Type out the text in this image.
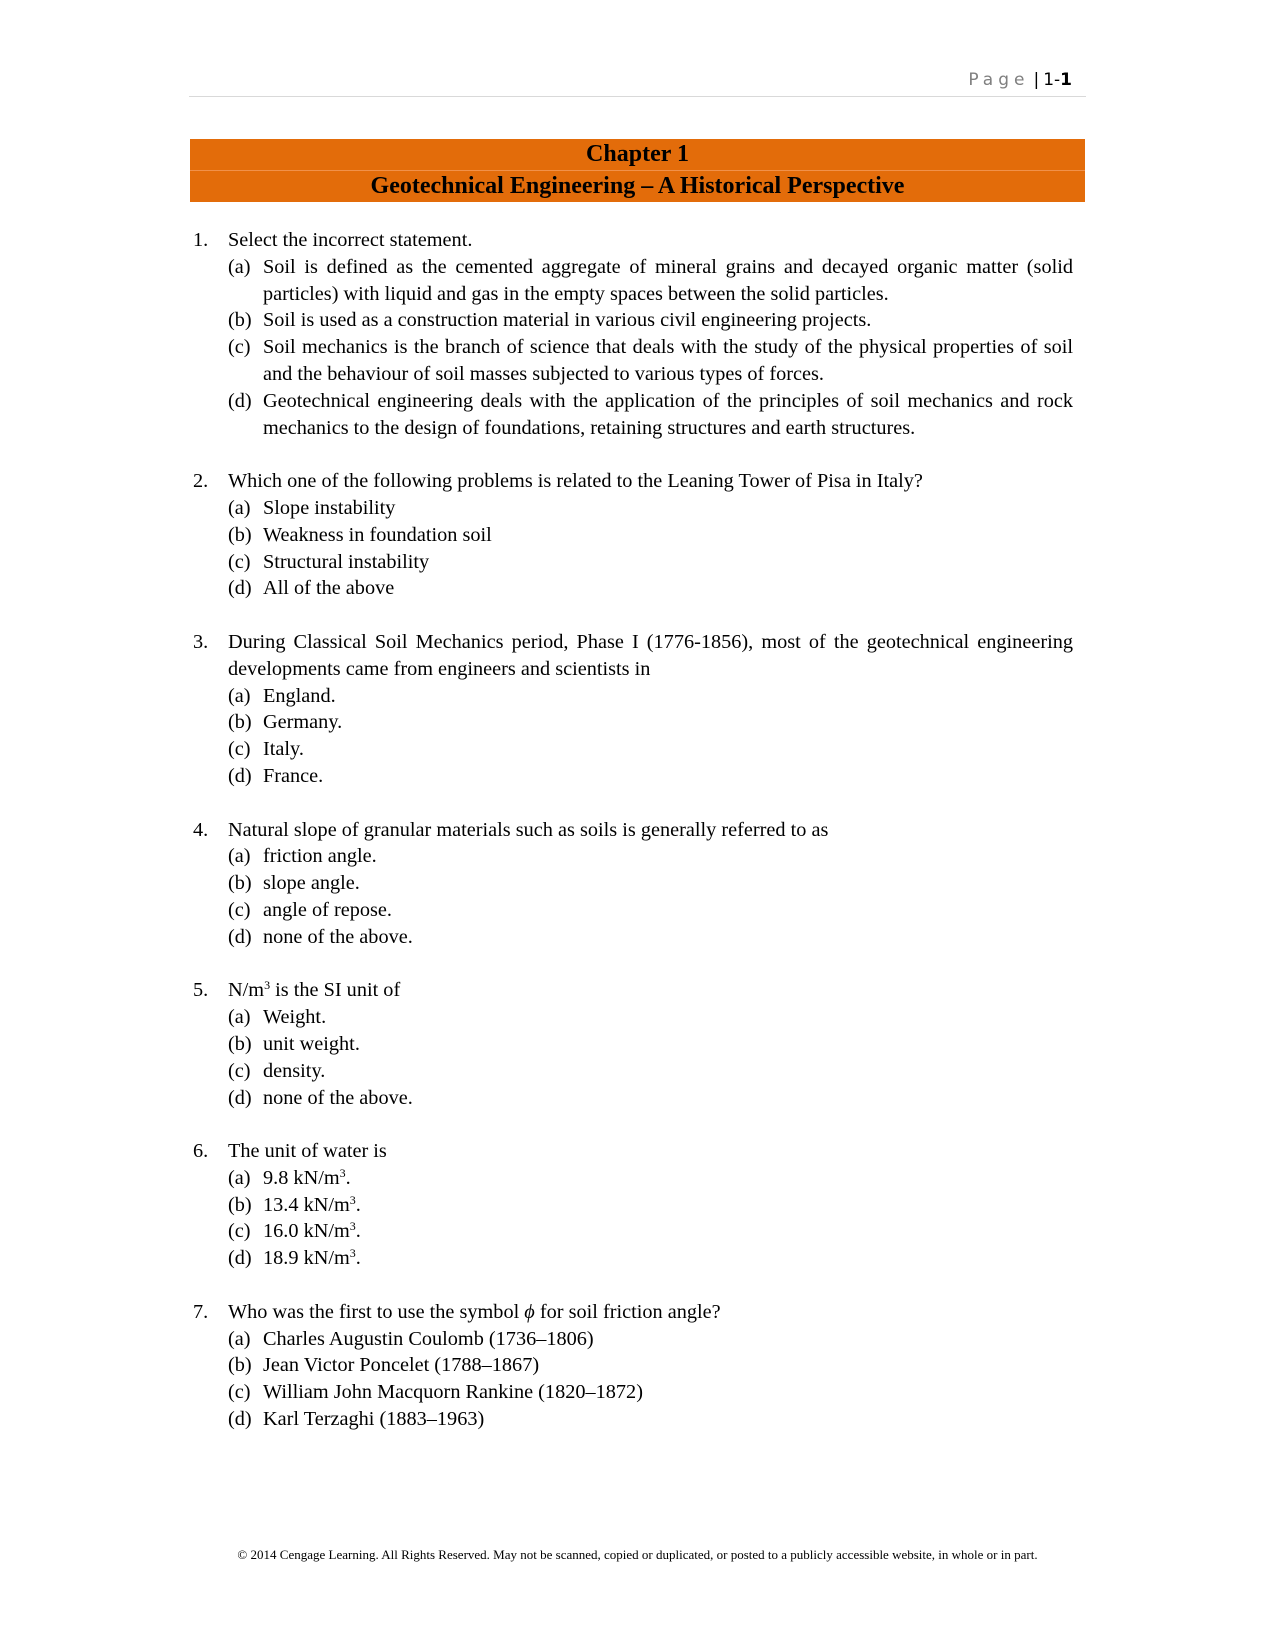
Page | 1-1
Chapter 1
Geotechnical Engineering – A Historical Perspective
1. Select the incorrect statement.
(a) Soil is defined as the cemented aggregate of mineral grains and decayed organic matter (solid particles) with liquid and gas in the empty spaces between the solid particles.
(b) Soil is used as a construction material in various civil engineering projects.
(c) Soil mechanics is the branch of science that deals with the study of the physical properties of soil and the behaviour of soil masses subjected to various types of forces.
(d) Geotechnical engineering deals with the application of the principles of soil mechanics and rock mechanics to the design of foundations, retaining structures and earth structures.
2. Which one of the following problems is related to the Leaning Tower of Pisa in Italy?
(a) Slope instability
(b) Weakness in foundation soil
(c) Structural instability
(d) All of the above
3. During Classical Soil Mechanics period, Phase I (1776-1856), most of the geotechnical engineering developments came from engineers and scientists in
(a) England.
(b) Germany.
(c) Italy.
(d) France.
4. Natural slope of granular materials such as soils is generally referred to as
(a) friction angle.
(b) slope angle.
(c) angle of repose.
(d) none of the above.
5. $N/m^3$ is the SI unit of
(a) Weight.
(b) unit weight.
(c) density.
(d) none of the above.
6. The unit of water is
(a) 9.8 $kN/m^3$.
(b) 13.4 $kN/m^3$.
(c) 16.0 $kN/m^3$.
(d) 18.9 $kN/m^3$.
7. Who was the first to use the symbol ϕ for soil friction angle?
(a) Charles Augustin Coulomb (1736–1806)
(b) Jean Victor Poncelet (1788–1867)
(c) William John Macquorn Rankine (1820–1872)
(d) Karl Terzaghi (1883–1963)
© 2014 Cengage Learning. All Rights Reserved. May not be scanned, copied or duplicated, or posted to a publicly accessible website, in whole or in part.
